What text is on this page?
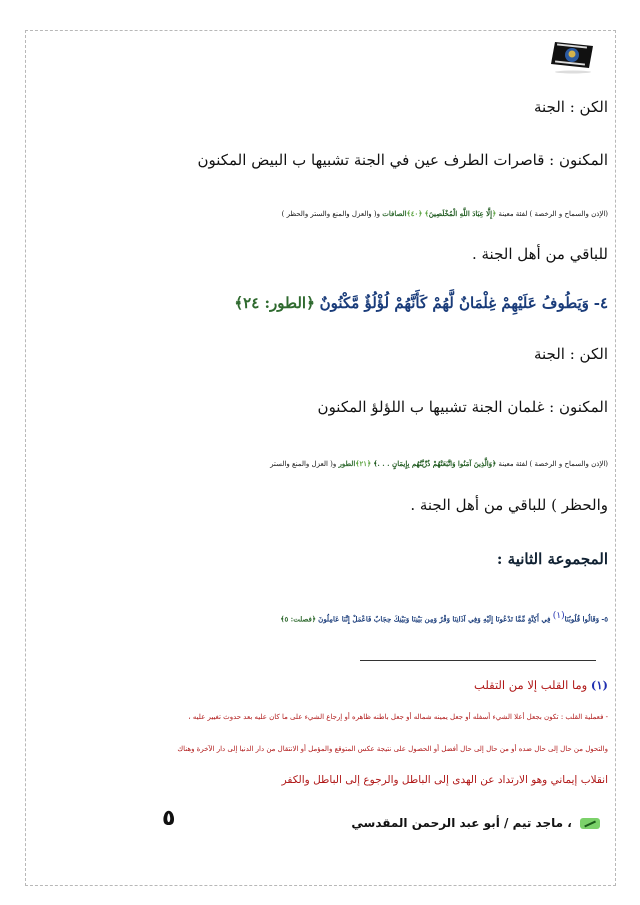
الكن : الجنة
المكنون : قاصرات الطرف عين في الجنة تشبيها ب البيض المكنون
(الإذن والسماح و الرخصة ) لفئة معينة ﴿إِلَّا عِبَادَ اللَّهِ الْمُخْلَصِينَ﴾ ﴿٤٠﴾الصافات و( والعزل والمنع والستر والحظر )
للباقي من أهل الجنة .
٤- وَيَطُوفُ عَلَيْهِمْ غِلْمَانٌ لَّهُمْ كَأَنَّهُمْ لُؤْلُؤٌ مَّكْنُونٌ ﴿الطور: ٢٤﴾
الكن : الجنة
المكنون : غلمان الجنة تشبيها ب اللؤلؤ المكنون
(الإذن والسماح و الرخصة ) لفئة معينة ﴿وَالَّذِينَ آمَنُوا وَاتَّبَعَتْهُمْ ذُرِّيَّتُهُم بِإِيمَانٍ . . .﴾ ﴿٢١﴾الطور و( العزل والمنع والستر
والحظر ) للباقي من أهل الجنة .
المجموعة الثانية :
٥- وَقَالُوا قُلُوبُنَا$^{(١)}$ فِي أَكِنَّةٍ مِّمَّا تَدْعُونَا إِلَيْهِ وَفِي آذَانِنَا وَقْرٌ وَمِن بَيْنِنَا وَبَيْنِكَ حِجَابٌ فَاعْمَلْ إِنَّنَا عَامِلُونَ ﴿فصلت: ٥﴾
(١) وما القلب إلا من التقلب
- فعملية القلب : تكون بجعل أعلا الشيء أسفله أو جعل يمينه شماله أو جعل باطنه ظاهره أو إرجاع الشيء على ما كان عليه بعد حدوث تغيير عليه ،
والتحول من حال إلى حال ضده أو من حال إلى حال أفضل أو الحصول على نتيجة عكس المتوقع والمؤمل أو الانتقال من دار الدنيا إلى دار الآخرة وهناك
انقلاب إيماني وهو الارتداد عن الهدى إلى الباطل والرجوع إلى الباطل والكفر
٥	، ماجد تيم / أبو عبد الرحمن المقدسي
